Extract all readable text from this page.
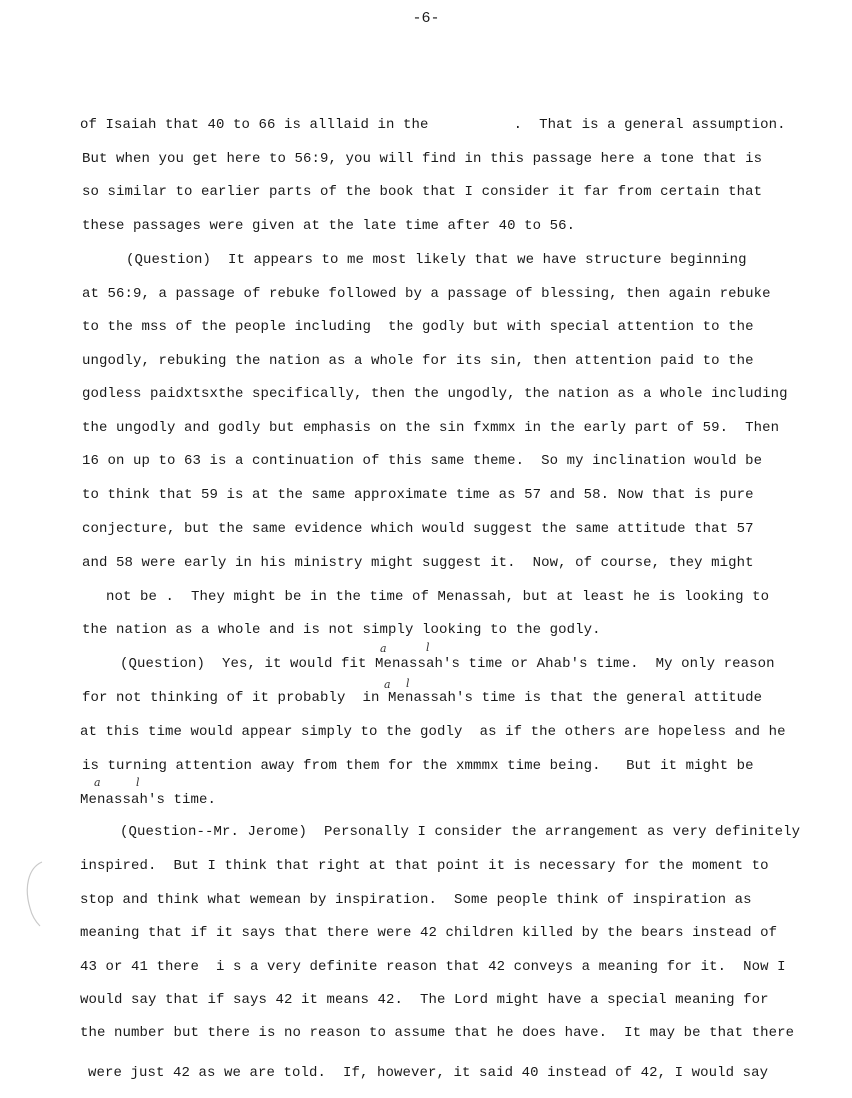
-6-
of Isaiah that 40 to 66 is alllaid in the          .  That is a general assumption.
But when you get here to 56:9, you will find in this passage here a tone that is
so similar to earlier parts of the book that I consider it far from certain that
these passages were given at the late time after 40 to 56.
(Question)  It appears to me most likely that we have structure beginning
at 56:9, a passage of rebuke followed by a passage of blessing, then again rebuke
to the mss of the people including  the godly but with special attention to the
ungodly, rebuking the nation as a whole for its sin, then attention paid to the
godless paidxtsxthe specifically, then the ungodly, the nation as a whole including
the ungodly and godly but emphasis on the sin fxmmx in the early part of 59.  Then
16 on up to 63 is a continuation of this same theme.  So my inclination would be
to think that 59 is at the same approximate time as 57 and 58. Now that is pure
conjecture, but the same evidence which would suggest the same attitude that 57
and 58 were early in his ministry might suggest it.  Now, of course, they might
not be .  They might be in the time of Menassah, but at least he is looking to
the nation as a whole and is not simply looking to the godly.
(Question)  Yes, it would fit Menassah's time or Ahab's time.  My only reason
for not thinking of it probably  in Menassah's time is that the general attitude
at this time would appear simply to the godly  as if the others are hopeless and he
is turning attention away from them for the xmmmx time being.   But it might be
Menassah's time.
(Question--Mr. Jerome)  Personally I consider the arrangement as very definitely
inspired.  But I think that right at that point it is necessary for the moment to
stop and think what wemean by inspiration.  Some people think of inspiration as
meaning that if it says that there were 42 children killed by the bears instead of
43 or 41 there  i s a very definite reason that 42 conveys a meaning for it.  Now I
would say that if says 42 it means 42.  The Lord might have a special meaning for
the number but there is no reason to assume that he does have.  It may be that there
were just 42 as we are told.  If, however, it said 40 instead of 42, I would say
a	l
a l
a	l
